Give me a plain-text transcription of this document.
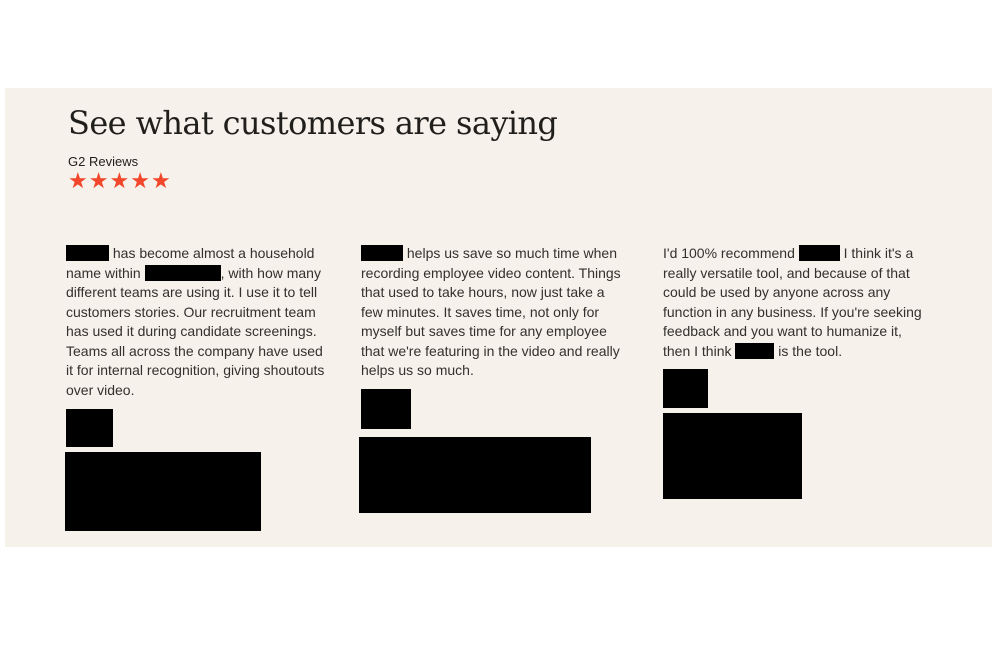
See what customers are saying
G2 Reviews
★★★★★

has become almost a household name within	, with how many different teams are using it. I use it to tell customers stories. Our recruitment team has used it during candidate screenings. Teams all across the company have used it for internal recognition, giving shoutouts over video.

helps us save so much time when recording employee video content. Things that used to take hours, now just take a few minutes. It saves time, not only for myself but saves time for any employee that we're featuring in the video and really helps us so much.

I'd 100% recommend	I think it's a really versatile tool, and because of that could be used by anyone across any function in any business. If you're seeking feedback and you want to humanize it, then I think	is the tool.
